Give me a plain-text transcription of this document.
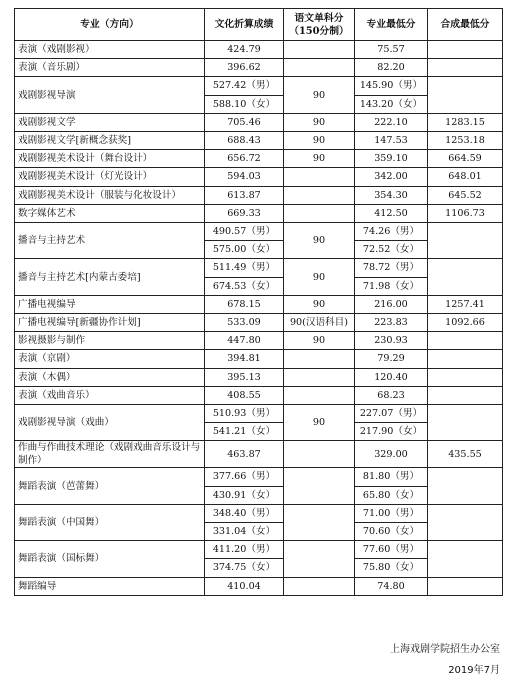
专业（方向）	文化折算成绩	语文单科分（150分制）	专业最低分	合成最低分
表演（戏剧影视）	424.79		75.57	
表演（音乐剧）	396.62		82.20	
戏剧影视导演	527.42（男）	90	145.90（男）	
	588.10（女）		143.20（女）	
戏剧影视文学	705.46	90	222.10	1283.15
戏剧影视文学[新概念获奖]	688.43	90	147.53	1253.18
戏剧影视美术设计（舞台设计）	656.72	90	359.10	664.59
戏剧影视美术设计（灯光设计）	594.03		342.00	648.01
戏剧影视美术设计（服装与化妆设计）	613.87		354.30	645.52
数字媒体艺术	669.33		412.50	1106.73
播音与主持艺术	490.57（男）	90	74.26（男）	
	575.00（女）		72.52（女）	
播音与主持艺术[内蒙古委培]	511.49（男）	90	78.72（男）	
	674.53（女）		71.98（女）	
广播电视编导	678.15	90	216.00	1257.41
广播电视编导[新疆协作计划]	533.09	90(汉语科目)	223.83	1092.66
影视摄影与制作	447.80	90	230.93	
表演（京剧）	394.81		79.29	
表演（木偶）	395.13		120.40	
表演（戏曲音乐）	408.55		68.23	
戏剧影视导演（戏曲）	510.93（男）	90	227.07（男）	
	541.21（女）		217.90（女）	
作曲与作曲技术理论（戏剧戏曲音乐设计与制作）	463.87		329.00	435.55
舞蹈表演（芭蕾舞）	377.66（男）		81.80（男）	
	430.91（女）		65.80（女）	
舞蹈表演（中国舞）	348.40（男）		71.00（男）	
	331.04（女）		70.60（女）	
舞蹈表演（国标舞）	411.20（男）		77.60（男）	
	374.75（女）		75.80（女）	
舞蹈编导	410.04		74.80	
上海戏剧学院招生办公室
2019年7月
